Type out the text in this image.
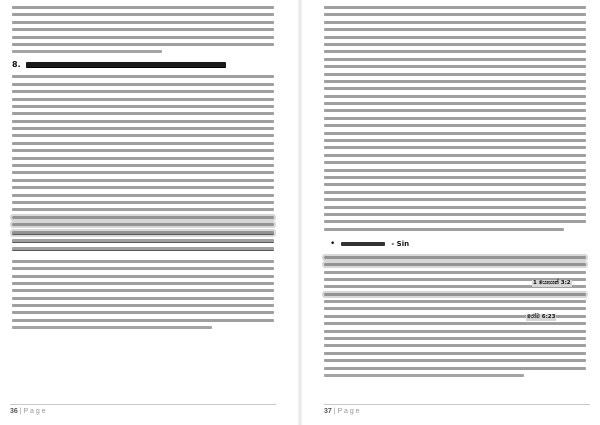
8.
36 | P a g e
•	- Sin
1 යොහාන් 3:2
රෝම 6:23
37 | P a g e
